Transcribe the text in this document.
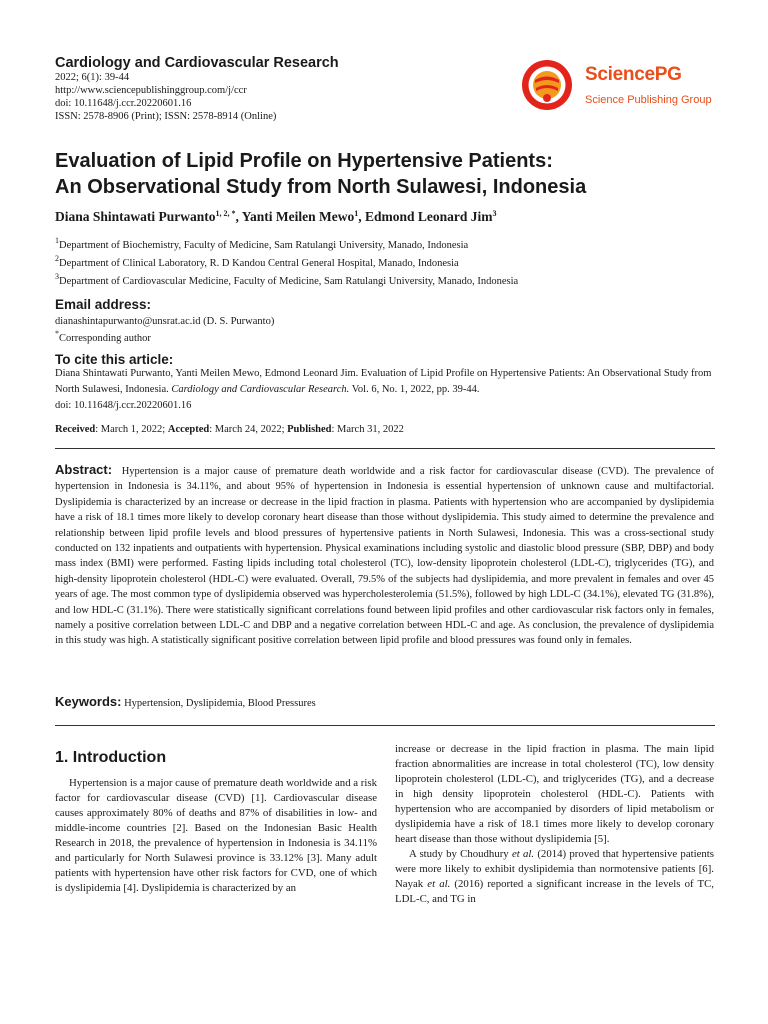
Cardiology and Cardiovascular Research
2022; 6(1): 39-44
http://www.sciencepublishinggroup.com/j/ccr
doi: 10.11648/j.ccr.20220601.16
ISSN: 2578-8906 (Print); ISSN: 2578-8914 (Online)
SciencePG
Science Publishing Group
Evaluation of Lipid Profile on Hypertensive Patients:
An Observational Study from North Sulawesi, Indonesia
Diana Shintawati Purwanto$^{1, 2, *}$, Yanti Meilen Mewo$^1$, Edmond Leonard Jim$^3$
$^1$Department of Biochemistry, Faculty of Medicine, Sam Ratulangi University, Manado, Indonesia
$^2$Department of Clinical Laboratory, R. D Kandou Central General Hospital, Manado, Indonesia
$^3$Department of Cardiovascular Medicine, Faculty of Medicine, Sam Ratulangi University, Manado, Indonesia
Email address:
dianashintapurwanto@unsrat.ac.id (D. S. Purwanto)
*Corresponding author
To cite this article:
Diana Shintawati Purwanto, Yanti Meilen Mewo, Edmond Leonard Jim. Evaluation of Lipid Profile on Hypertensive Patients: An Observational Study from North Sulawesi, Indonesia. Cardiology and Cardiovascular Research. Vol. 6, No. 1, 2022, pp. 39-44.
doi: 10.11648/j.ccr.20220601.16
Received: March 1, 2022; Accepted: March 24, 2022; Published: March 31, 2022

Abstract: Hypertension is a major cause of premature death worldwide and a risk factor for cardiovascular disease (CVD). The prevalence of hypertension in Indonesia is 34.11%, and about 95% of hypertension in Indonesia is essential hypertension of unknown cause and multifactorial. Dyslipidemia is characterized by an increase or decrease in the lipid fraction in plasma. Patients with hypertension who are accompanied by dyslipidemia have a risk of 18.1 times more likely to develop coronary heart disease than those without dyslipidemia. This study aimed to determine the prevalence and relationship between lipid profile levels and blood pressures of hypertensive patients in North Sulawesi, Indonesia. This was a cross-sectional study conducted on 132 inpatients and outpatients with hypertension. Physical examinations including systolic and diastolic blood pressure (SBP, DBP) and body mass index (BMI) were performed. Fasting lipids including total cholesterol (TC), low-density lipoprotein cholesterol (LDL-C), triglycerides (TG), and high-density lipoprotein cholesterol (HDL-C) were evaluated. Overall, 79.5% of the subjects had dyslipidemia, and more prevalent in females and over 45 years of age. The most common type of dyslipidemia observed was hypercholesterolemia (51.5%), followed by high LDL-C (34.1%), elevated TG (31.8%), and low HDL-C (31.1%). There were statistically significant correlations found between lipid profiles and other cardiovascular risk factors only in females, namely a positive correlation between LDL-C and DBP and a negative correlation between HDL-C and age. As conclusion, the prevalence of dyslipidemia in this study was high. A statistically significant positive correlation between lipid profile and blood pressures was found only in females.

Keywords: Hypertension, Dyslipidemia, Blood Pressures
1. Introduction

Hypertension is a major cause of premature death worldwide and a risk factor for cardiovascular disease (CVD) [1]. Cardiovascular disease causes approximately 80% of deaths and 87% of disabilities in low- and middle-income countries [2]. Based on the Indonesian Basic Health Research in 2018, the prevalence of hypertension in Indonesia is 34.11% and particularly for North Sulawesi province is 33.12% [3]. Many adult patients with hypertension have other risk factors for CVD, one of which is dyslipidemia [4]. Dyslipidemia is characterized by an

increase or decrease in the lipid fraction in plasma. The main lipid fraction abnormalities are increase in total cholesterol (TC), low density lipoprotein cholesterol (LDL-C), and triglycerides (TG), and a decrease in high density lipoprotein cholesterol (HDL-C). Patients with hypertension who are accompanied by disorders of lipid metabolism or dyslipidemia have a risk of 18.1 times more likely to develop coronary heart disease than those without dyslipidemia [5].

A study by Choudhury et al. (2014) proved that hypertensive patients were more likely to exhibit dyslipidemia than normotensive patients [6]. Nayak et al. (2016) reported a significant increase in the levels of TC, LDL-C, and TG in
